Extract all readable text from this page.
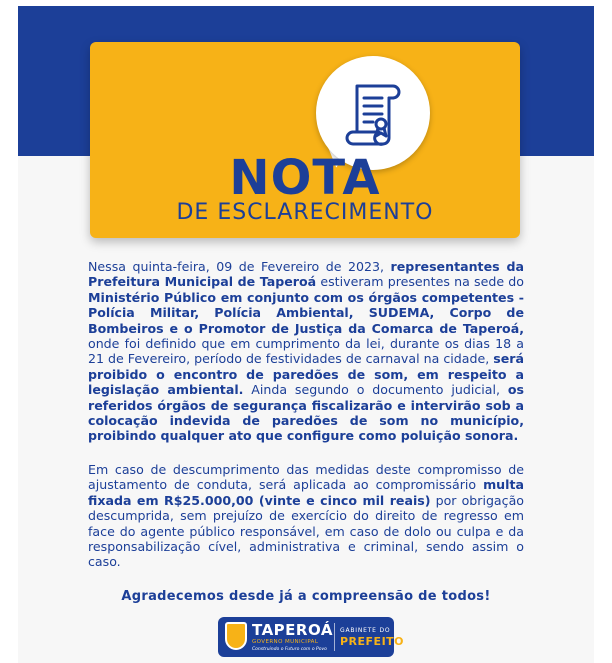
NOTA
DE ESCLARECIMENTO
Nessa quinta-feira, 09 de Fevereiro de 2023, representantes da Prefeitura Municipal de Taperoá estiveram presentes na sede do Ministério Público em conjunto com os órgãos competentes - Polícia Militar, Polícia Ambiental, SUDEMA, Corpo de Bombeiros e o Promotor de Justiça da Comarca de Taperoá, onde foi definido que em cumprimento da lei, durante os dias 18 a 21 de Fevereiro, período de festividades de carnaval na cidade, será proibido o encontro de paredões de som, em respeito a legislação ambiental. Ainda segundo o documento judicial, os referidos órgãos de segurança fiscalizarão e intervirão sob a colocação indevida de paredões de som no município, proibindo qualquer ato que configure como poluição sonora.
Em caso de descumprimento das medidas deste compromisso de ajustamento de conduta, será aplicada ao compromissário multa fixada em R$25.000,00 (vinte e cinco mil reais) por obrigação descumprida, sem prejuízo de exercício do direito de regresso em face do agente público responsável, em caso de dolo ou culpa e da responsabilização cível, administrativa e criminal, sendo assim o caso.
Agradecemos desde já a compreensão de todos!
TAPEROÁ
GOVERNO MUNICIPAL
Construindo o Futuro com o Povo
GABINETE DO
PREFEITO
